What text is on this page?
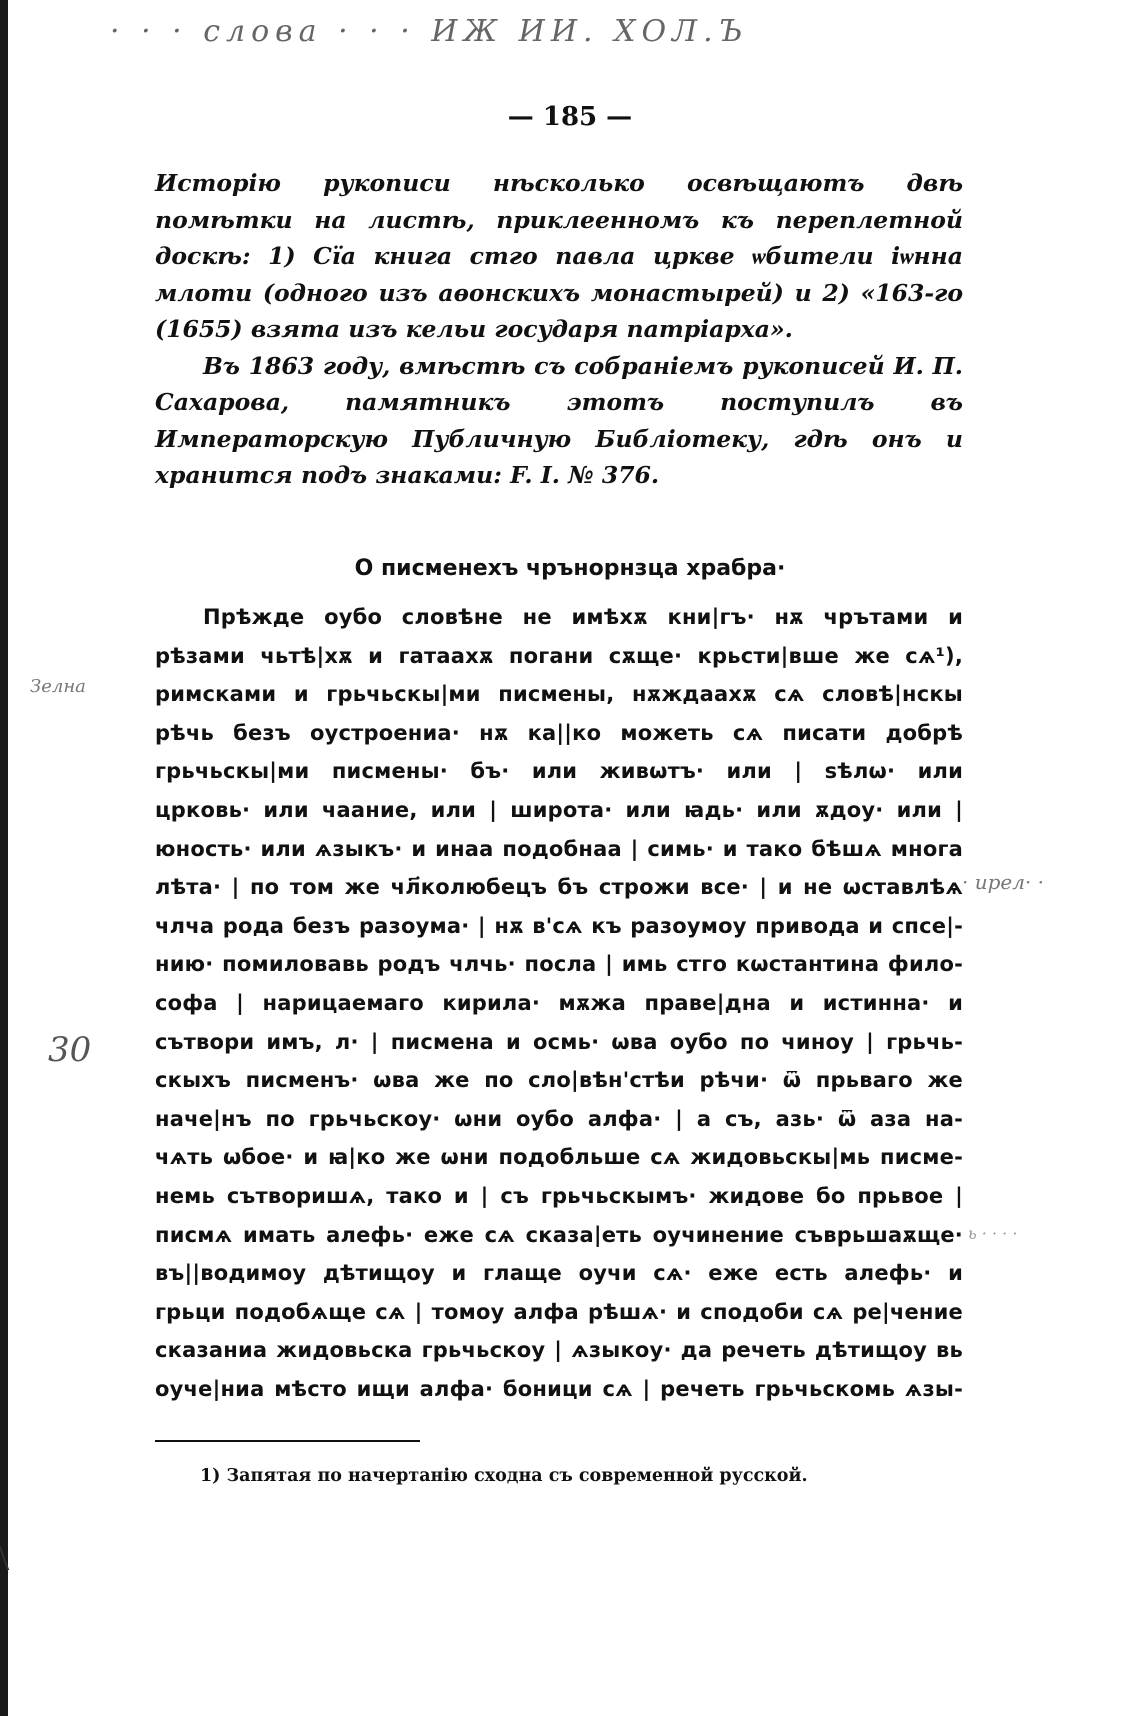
· · · слова · · · ИЖ ИИ. ХОЛ.Ъ
— 185 —

Исторію рукописи нѣсколько освѣщаютъ двѣ помѣтки на листѣ, приклеенномъ къ переплетной доскѣ: 1) Сїа книга стго павла цркве ѡбители іѡнна млоти (одного изъ аѳонскихъ монастырей) и 2) «163-го (1655) взята изъ кельи государя патріарха».

Въ 1863 году, вмѣстѣ съ собраніемъ рукописей И. П. Сахарова, памятникъ этотъ поступилъ въ Императорскую Публичную Библіотеку, гдѣ онъ и хранится подъ знаками: F. I. № 376.

О писменехъ чрънорнзца храбра·
Прѣжде оубо словѣне не имѣхѫ кни|гъ· нѫ чрътами и
рѣзами чьтѣ|хѫ и гатаахѫ погани сѫще· крьсти|вше же сѧ¹),
римсками и грьчьскы|ми писмены, нѫждаахѫ сѧ словѣ|нскы
рѣчь безъ оустроениа· нѫ ка||ко можеть сѧ писати добрѣ
грьчьскы|ми писмены· бъ· или живѡтъ· или | ѕѣлѡ· или
црковь· или чаание, или | широта· или ꙗдь· или ѫдоу· или |
юность· или ѧзыкъ· и инаа подобнаа | симь· и тако бѣшѧ многа
лѣта· | по том же чл҃колюбецъ бъ строжи все· | и не ѡставлѣѧ
члчa рода безъ разоума· | нѫ в'сѧ къ разоумоу привода и спсе|-
нию· помиловавь родъ члчь· посла | имь стго кѡстантина фило-
софа | нарицаемаго кирила· мѫжа праве|дна и истинна· и
сътвори имъ, л· | писмена и осмь· ѡва оубо по чиноу | грьчь-
скыхъ писменъ· ѡва же по сло|вѣн'стѣи рѣчи· ѿ прьваго же
наче|нъ по грьчьскоу· ѡни оубо алфа· | а съ, азь· ѿ аза на-
чѧть ѡбое· и ꙗ|ко же ѡни подобльше сѧ жидовьскы|мь писме-
немь сътворишѧ, тако и | съ грьчьскымъ· жидове бо прьвое |
писмѧ имать алефь· еже сѧ сказа|еть оучинение съврьшаѫще·
въ||водимоу дѣтищоу и глаще оучи сѧ· еже есть алефь· и
грьци подобѧще сѧ | томоу алфа рѣшѧ· и сподоби сѧ ре|чение
сказаниа жидовьска грьчьскоу | ѧзыкоу· да речеть дѣтищоу вь
оучe|ниа мѣсто ищи алфа· боници сѧ | речеть грьчьскомь ѧзы-
1) Запятая по начертанію сходна съ современной русской.
Зелна
30
· ирел· ·
ь · · · ·
